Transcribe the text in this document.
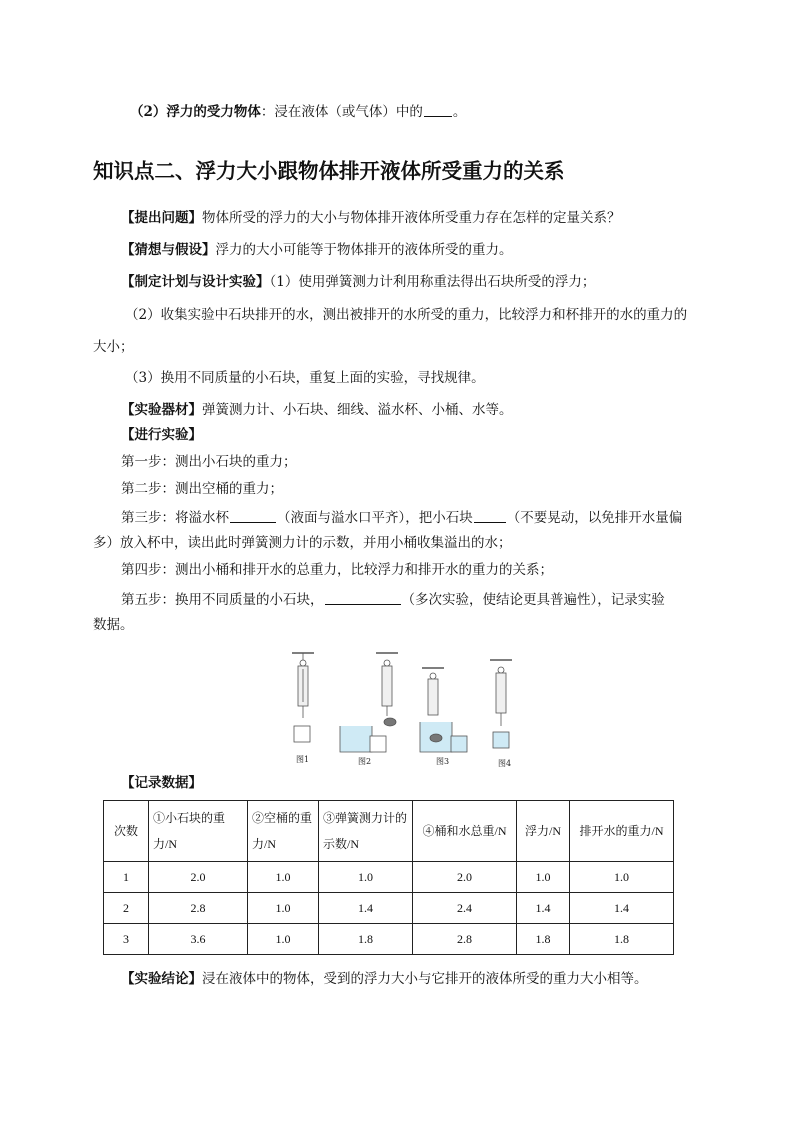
（2）浮力的受力物体：浸在液体（或气体）中的 。
知识点二、浮力大小跟物体排开液体所受重力的关系
【提出问题】物体所受的浮力的大小与物体排开液体所受重力存在怎样的定量关系？
【猜想与假设】浮力的大小可能等于物体排开的液体所受的重力。
【制定计划与设计实验】（1）使用弹簧测力计利用称重法得出石块所受的浮力；
（2）收集实验中石块排开的水，测出被排开的水所受的重力，比较浮力和杯排开的水的重力的
大小；
（3）换用不同质量的小石块，重复上面的实验，寻找规律。
【实验器材】弹簧测力计、小石块、细线、溢水杯、小桶、水等。
【进行实验】
第一步：测出小石块的重力；
第二步：测出空桶的重力；
第三步：将溢水杯	（液面与溢水口平齐），把小石块	（不要晃动，以免排开水量偏
多）放入杯中，读出此时弹簧测力计的示数，并用小桶收集溢出的水；
第四步：测出小桶和排开水的总重力，比较浮力和排开水的重力的关系；
第五步：换用不同质量的小石块，	（多次实验，使结论更具普遍性），记录实验
数据。
图1	图2	图3	图4
【记录数据】
次数	①小石块的重力/N	②空桶的重力/N	③弹簧测力计的示数/N	④桶和水总重/N	浮力/N	排开水的重力/N
1	2.0	1.0	1.0	2.0	1.0	1.0
2	2.8	1.0	1.4	2.4	1.4	1.4
3	3.6	1.0	1.8	2.8	1.8	1.8
【实验结论】浸在液体中的物体，受到的浮力大小与它排开的液体所受的重力大小相等。
